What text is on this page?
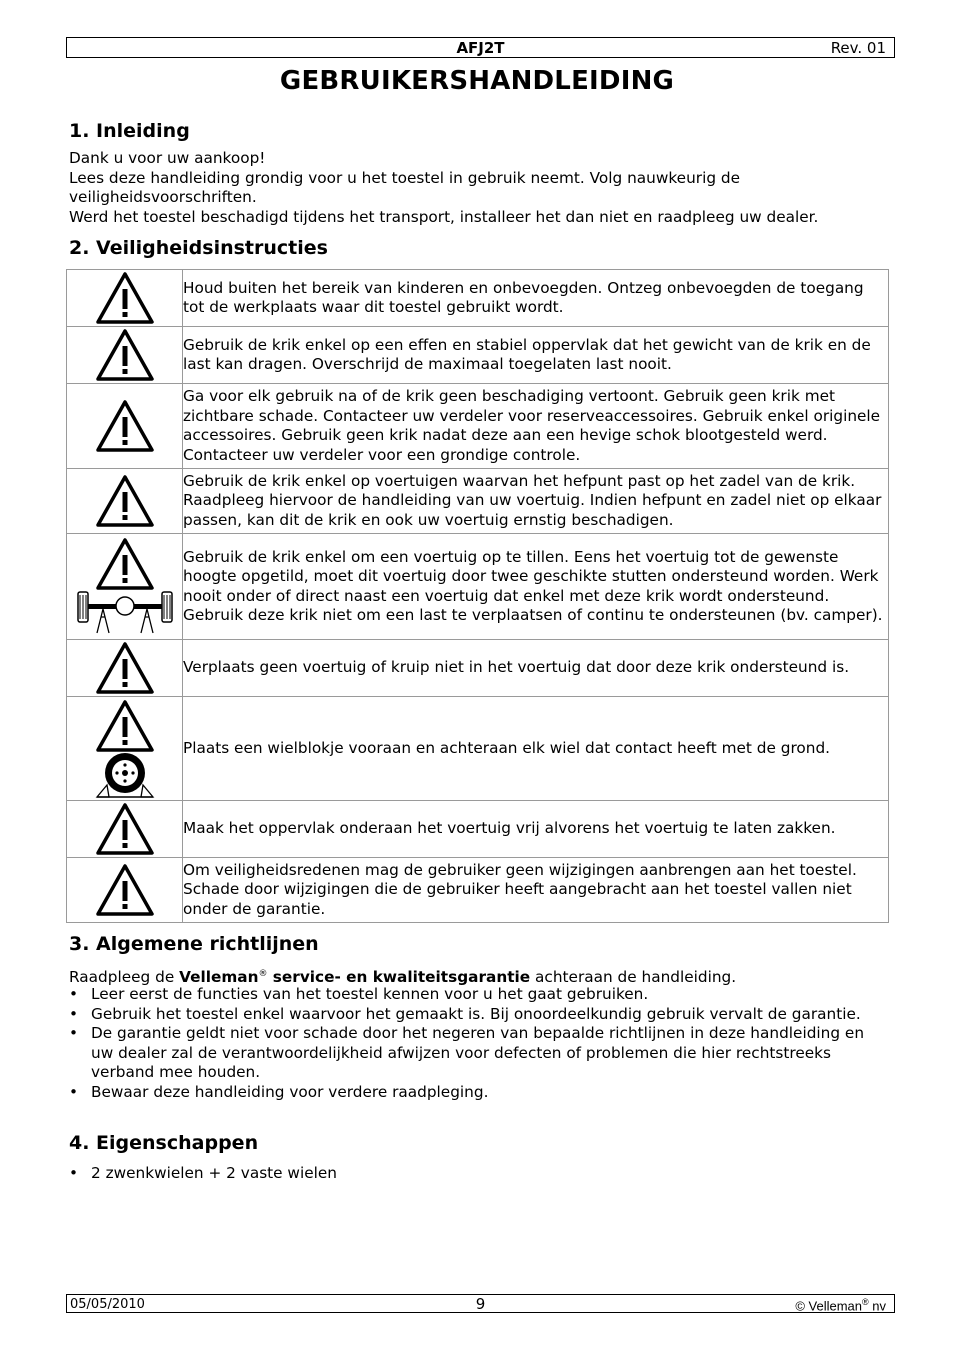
AFJ2T	Rev. 01
GEBRUIKERSHANDLEIDING
1. Inleiding
Dank u voor uw aankoop!
Lees deze handleiding grondig voor u het toestel in gebruik neemt. Volg nauwkeurig de
veiligheidsvoorschriften.
Werd het toestel beschadigd tijdens het transport, installeer het dan niet en raadpleeg uw dealer.
2. Veiligheidsinstructies
	Houd buiten het bereik van kinderen en onbevoegden. Ontzeg onbevoegden de toegang tot de werkplaats waar dit toestel gebruikt wordt.

	Gebruik de krik enkel op een effen en stabiel oppervlak dat het gewicht van de krik en de last kan dragen. Overschrijd de maximaal toegelaten last nooit.

	Ga voor elk gebruik na of de krik geen beschadiging vertoont. Gebruik geen krik met zichtbare schade. Contacteer uw verdeler voor reserveaccessoires. Gebruik enkel originele accessoires. Gebruik geen krik nadat deze aan een hevige schok blootgesteld werd. Contacteer uw verdeler voor een grondige controle.

	Gebruik de krik enkel op voertuigen waarvan het hefpunt past op het zadel van de krik. Raadpleeg hiervoor de handleiding van uw voertuig. Indien hefpunt en zadel niet op elkaar passen, kan dit de krik en ook uw voertuig ernstig beschadigen.

	Gebruik de krik enkel om een voertuig op te tillen. Eens het voertuig tot de gewenste hoogte opgetild, moet dit voertuig door twee geschikte stutten ondersteund worden. Werk nooit onder of direct naast een voertuig dat enkel met deze krik wordt ondersteund. Gebruik deze krik niet om een last te verplaatsen of continu te ondersteunen (bv. camper).

	Verplaats geen voertuig of kruip niet in het voertuig dat door deze krik ondersteund is.

	Plaats een wielblokje vooraan en achteraan elk wiel dat contact heeft met de grond.

	Maak het oppervlak onderaan het voertuig vrij alvorens het voertuig te laten zakken.

	Om veiligheidsredenen mag de gebruiker geen wijzigingen aanbrengen aan het toestel. Schade door wijzigingen die de gebruiker heeft aangebracht aan het toestel vallen niet onder de garantie.
3. Algemene richtlijnen
Raadpleeg de Velleman® service- en kwaliteitsgarantie achteraan de handleiding.
• Leer eerst de functies van het toestel kennen voor u het gaat gebruiken.
• Gebruik het toestel enkel waarvoor het gemaakt is. Bij onoordeelkundig gebruik vervalt de garantie.
• De garantie geldt niet voor schade door het negeren van bepaalde richtlijnen in deze handleiding en uw dealer zal de verantwoordelijkheid afwijzen voor defecten of problemen die hier rechtstreeks verband mee houden.
• Bewaar deze handleiding voor verdere raadpleging.
4. Eigenschappen
• 2 zwenkwielen + 2 vaste wielen
05/05/2010	9	© Velleman® nv
